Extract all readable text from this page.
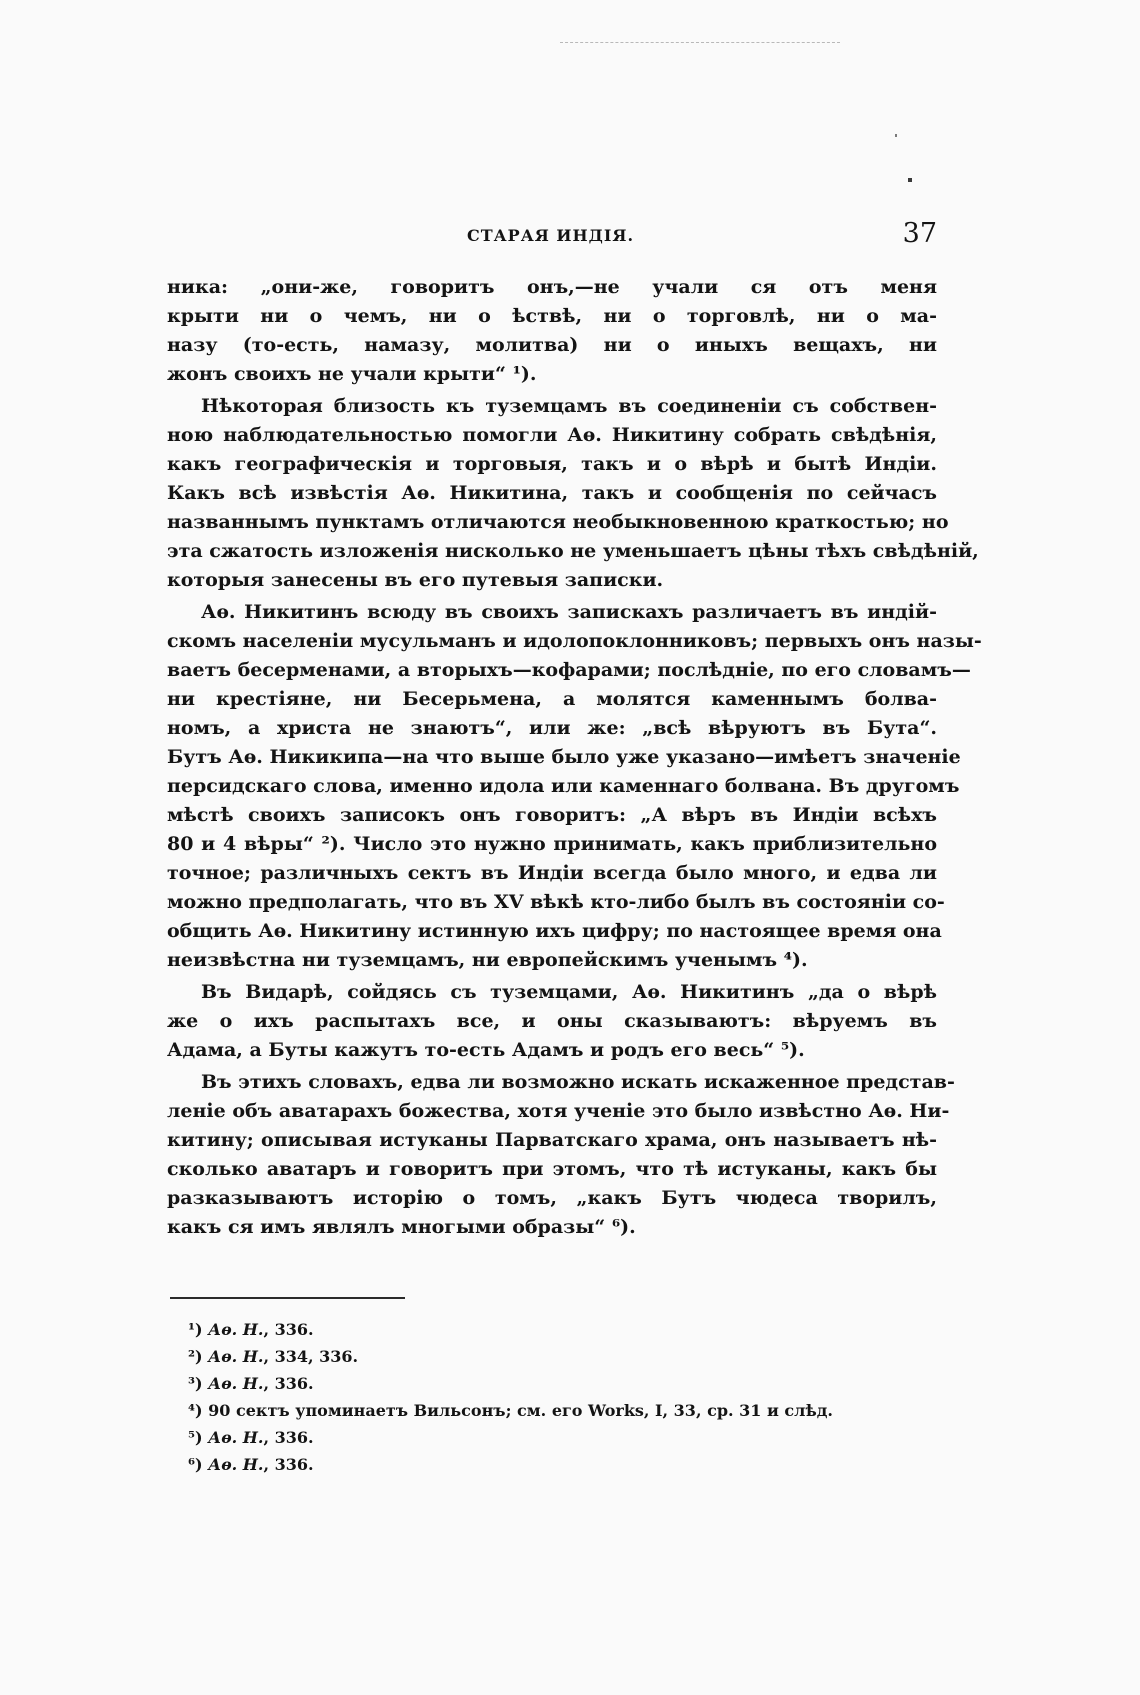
СТАРАЯ ИНДІЯ.	37
ника: „они-же, говоритъ онъ,—не учали ся отъ меня
крыти ни о чемъ, ни о ѣствѣ, ни о торговлѣ, ни о ма-
назу (то-есть, намазу, молитва) ни о иныхъ вещахъ, ни
жонъ своихъ не учали крыти“ ¹).
Нѣкоторая близость къ туземцамъ въ соединеніи съ собствен-
ною наблюдательностью помогли Аѳ. Никитину собрать свѣдѣнія,
какъ географическія и торговыя, такъ и о вѣрѣ и бытѣ Индіи.
Какъ всѣ извѣстія Аѳ. Никитина, такъ и сообщенія по сейчасъ
названнымъ пунктамъ отличаются необыкновенною краткостью; но
эта сжатость изложенія нисколько не уменьшаетъ цѣны тѣхъ свѣдѣній,
которыя занесены въ его путевыя записки.
Аѳ. Никитинъ всюду въ своихъ запискахъ различаетъ въ индій-
скомъ населеніи мусульманъ и идолопоклонниковъ; первыхъ онъ назы-
ваетъ бесерменами, а вторыхъ—кофарами; послѣдніе, по его словамъ—
ни крестіяне, ни Бесерьмена, а молятся каменнымъ болва-
номъ, а христа не знаютъ“, или же: „всѣ вѣруютъ въ Бута“.
Бутъ Аѳ. Никикипа—на что выше было уже указано—имѣетъ значеніе
персидскаго слова, именно идола или каменнаго болвана. Въ другомъ
мѣстѣ своихъ записокъ онъ говоритъ: „А вѣръ въ Индіи всѣхъ
80 и 4 вѣры“ ²). Число это нужно принимать, какъ приблизительно
точное; различныхъ сектъ въ Индіи всегда было много, и едва ли
можно предполагать, что въ XV вѣкѣ кто-либо былъ въ состояніи со-
общить Аѳ. Никитину истинную ихъ цифру; по настоящее время она
неизвѣстна ни туземцамъ, ни европейскимъ ученымъ ⁴).
Въ Видарѣ, сойдясь съ туземцами, Аѳ. Никитинъ „да о вѣрѣ
же о ихъ распытахъ все, и оны сказываютъ: вѣруемъ въ
Адама, а Буты кажутъ то-есть Адамъ и родъ его весь“ ⁵).
Въ этихъ словахъ, едва ли возможно искать искаженное представ-
леніе объ аватарахъ божества, хотя ученіе это было извѣстно Аѳ. Ни-
китину; описывая истуканы Парватскаго храма, онъ называетъ нѣ-
сколько аватаръ и говоритъ при этомъ, что тѣ истуканы, какъ бы
разказываютъ исторію о томъ, „какъ Бутъ чюдеса творилъ,
какъ ся имъ являлъ многыми образы“ ⁶).
¹) Аѳ. Н., 336.
²) Аѳ. Н., 334, 336.
³) Аѳ. Н., 336.
⁴) 90 сектъ упоминаетъ Вильсонъ; см. его Works, I, 33, ср. 31 и слѣд.
⁵) Аѳ. Н., 336.
⁶) Аѳ. Н., 336.
